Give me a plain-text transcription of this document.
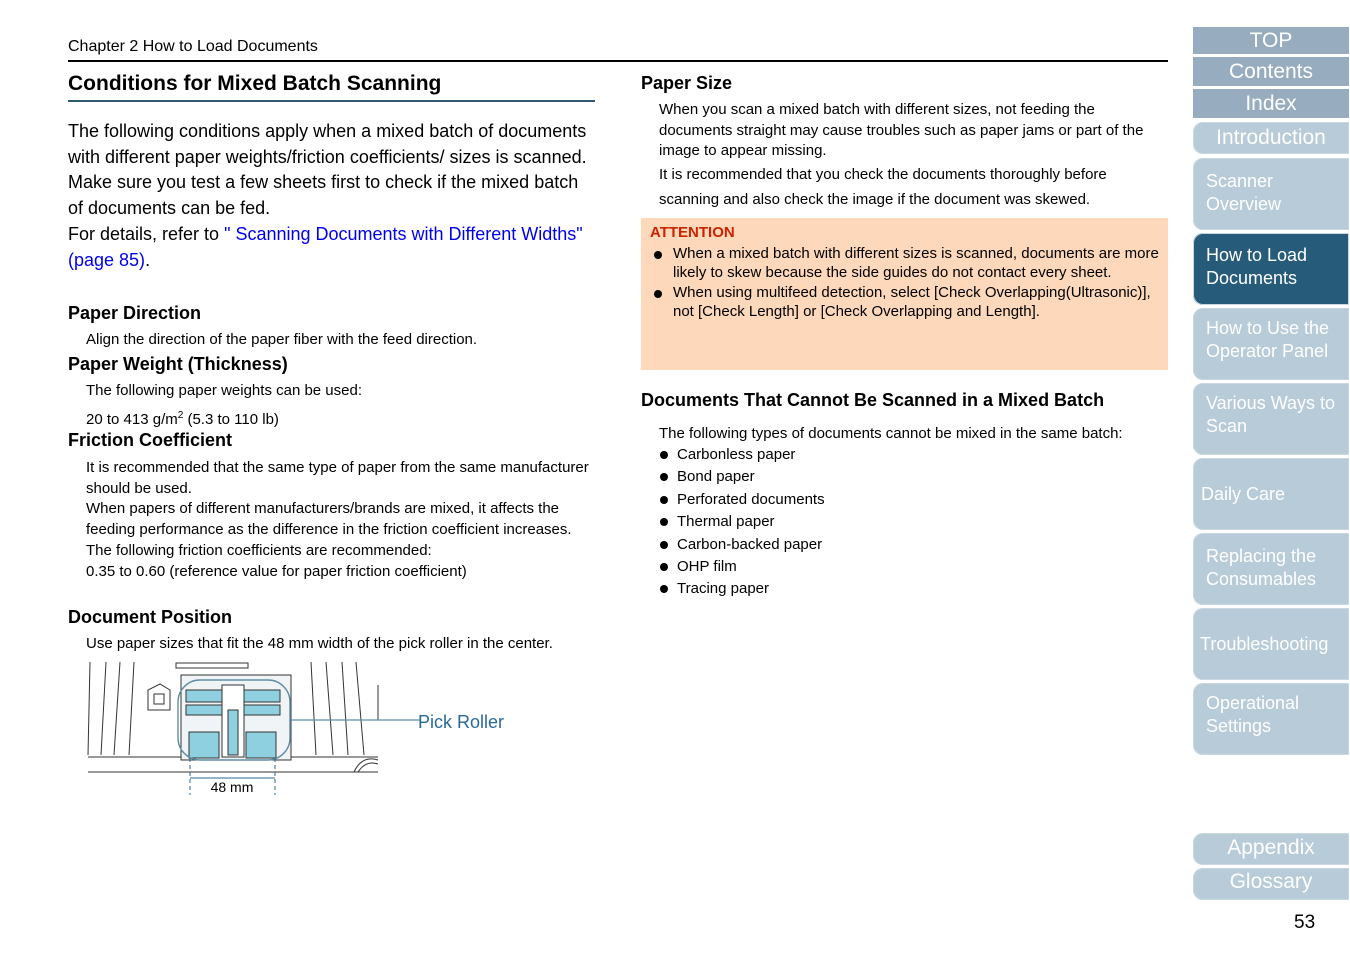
Chapter 2 How to Load Documents
Conditions for Mixed Batch Scanning

The following conditions apply when a mixed batch of documents with different paper weights/friction coefficients/ sizes is scanned.

Make sure you test a few sheets first to check if the mixed batch of documents can be fed.

For details, refer to " Scanning Documents with Different Widths" (page 85).

Paper Direction
Align the direction of the paper fiber with the feed direction.
Paper Weight (Thickness)

The following paper weights can be used:

20 to 413 $g/m^2$ (5.3 to 110 lb)

Friction Coefficient

It is recommended that the same type of paper from the same manufacturer should be used.

When papers of different manufacturers/brands are mixed, it affects the feeding performance as the difference in the friction coefficient increases.

The following friction coefficients are recommended:

0.35 to 0.60 (reference value for paper friction coefficient)

Document Position
Use paper sizes that fit the 48 mm width of the pick roller in the center.
Pick Roller
48 mm
Paper Size

When you scan a mixed batch with different sizes, not feeding the documents straight may cause troubles such as paper jams or part of the image to appear missing.

It is recommended that you check the documents thoroughly before scanning and also check the image if the document was skewed.

ATTENTION
When a mixed batch with different sizes is scanned, documents are more likely to skew because the side guides do not contact every sheet.
When using multifeed detection, select [Check Overlapping(Ultrasonic)], not [Check Length] or [Check Overlapping and Length].
Documents That Cannot Be Scanned in a Mixed Batch
The following types of documents cannot be mixed in the same batch:
Carbonless paper
Bond paper
Perforated documents
Thermal paper
Carbon-backed paper
OHP film
Tracing paper
TOP
Contents
Index
Introduction
Scanner Overview
How to Load Documents
How to Use the Operator Panel
Various Ways to Scan
Daily Care
Replacing the Consumables
Troubleshooting
Operational Settings
Appendix
Glossary
53
